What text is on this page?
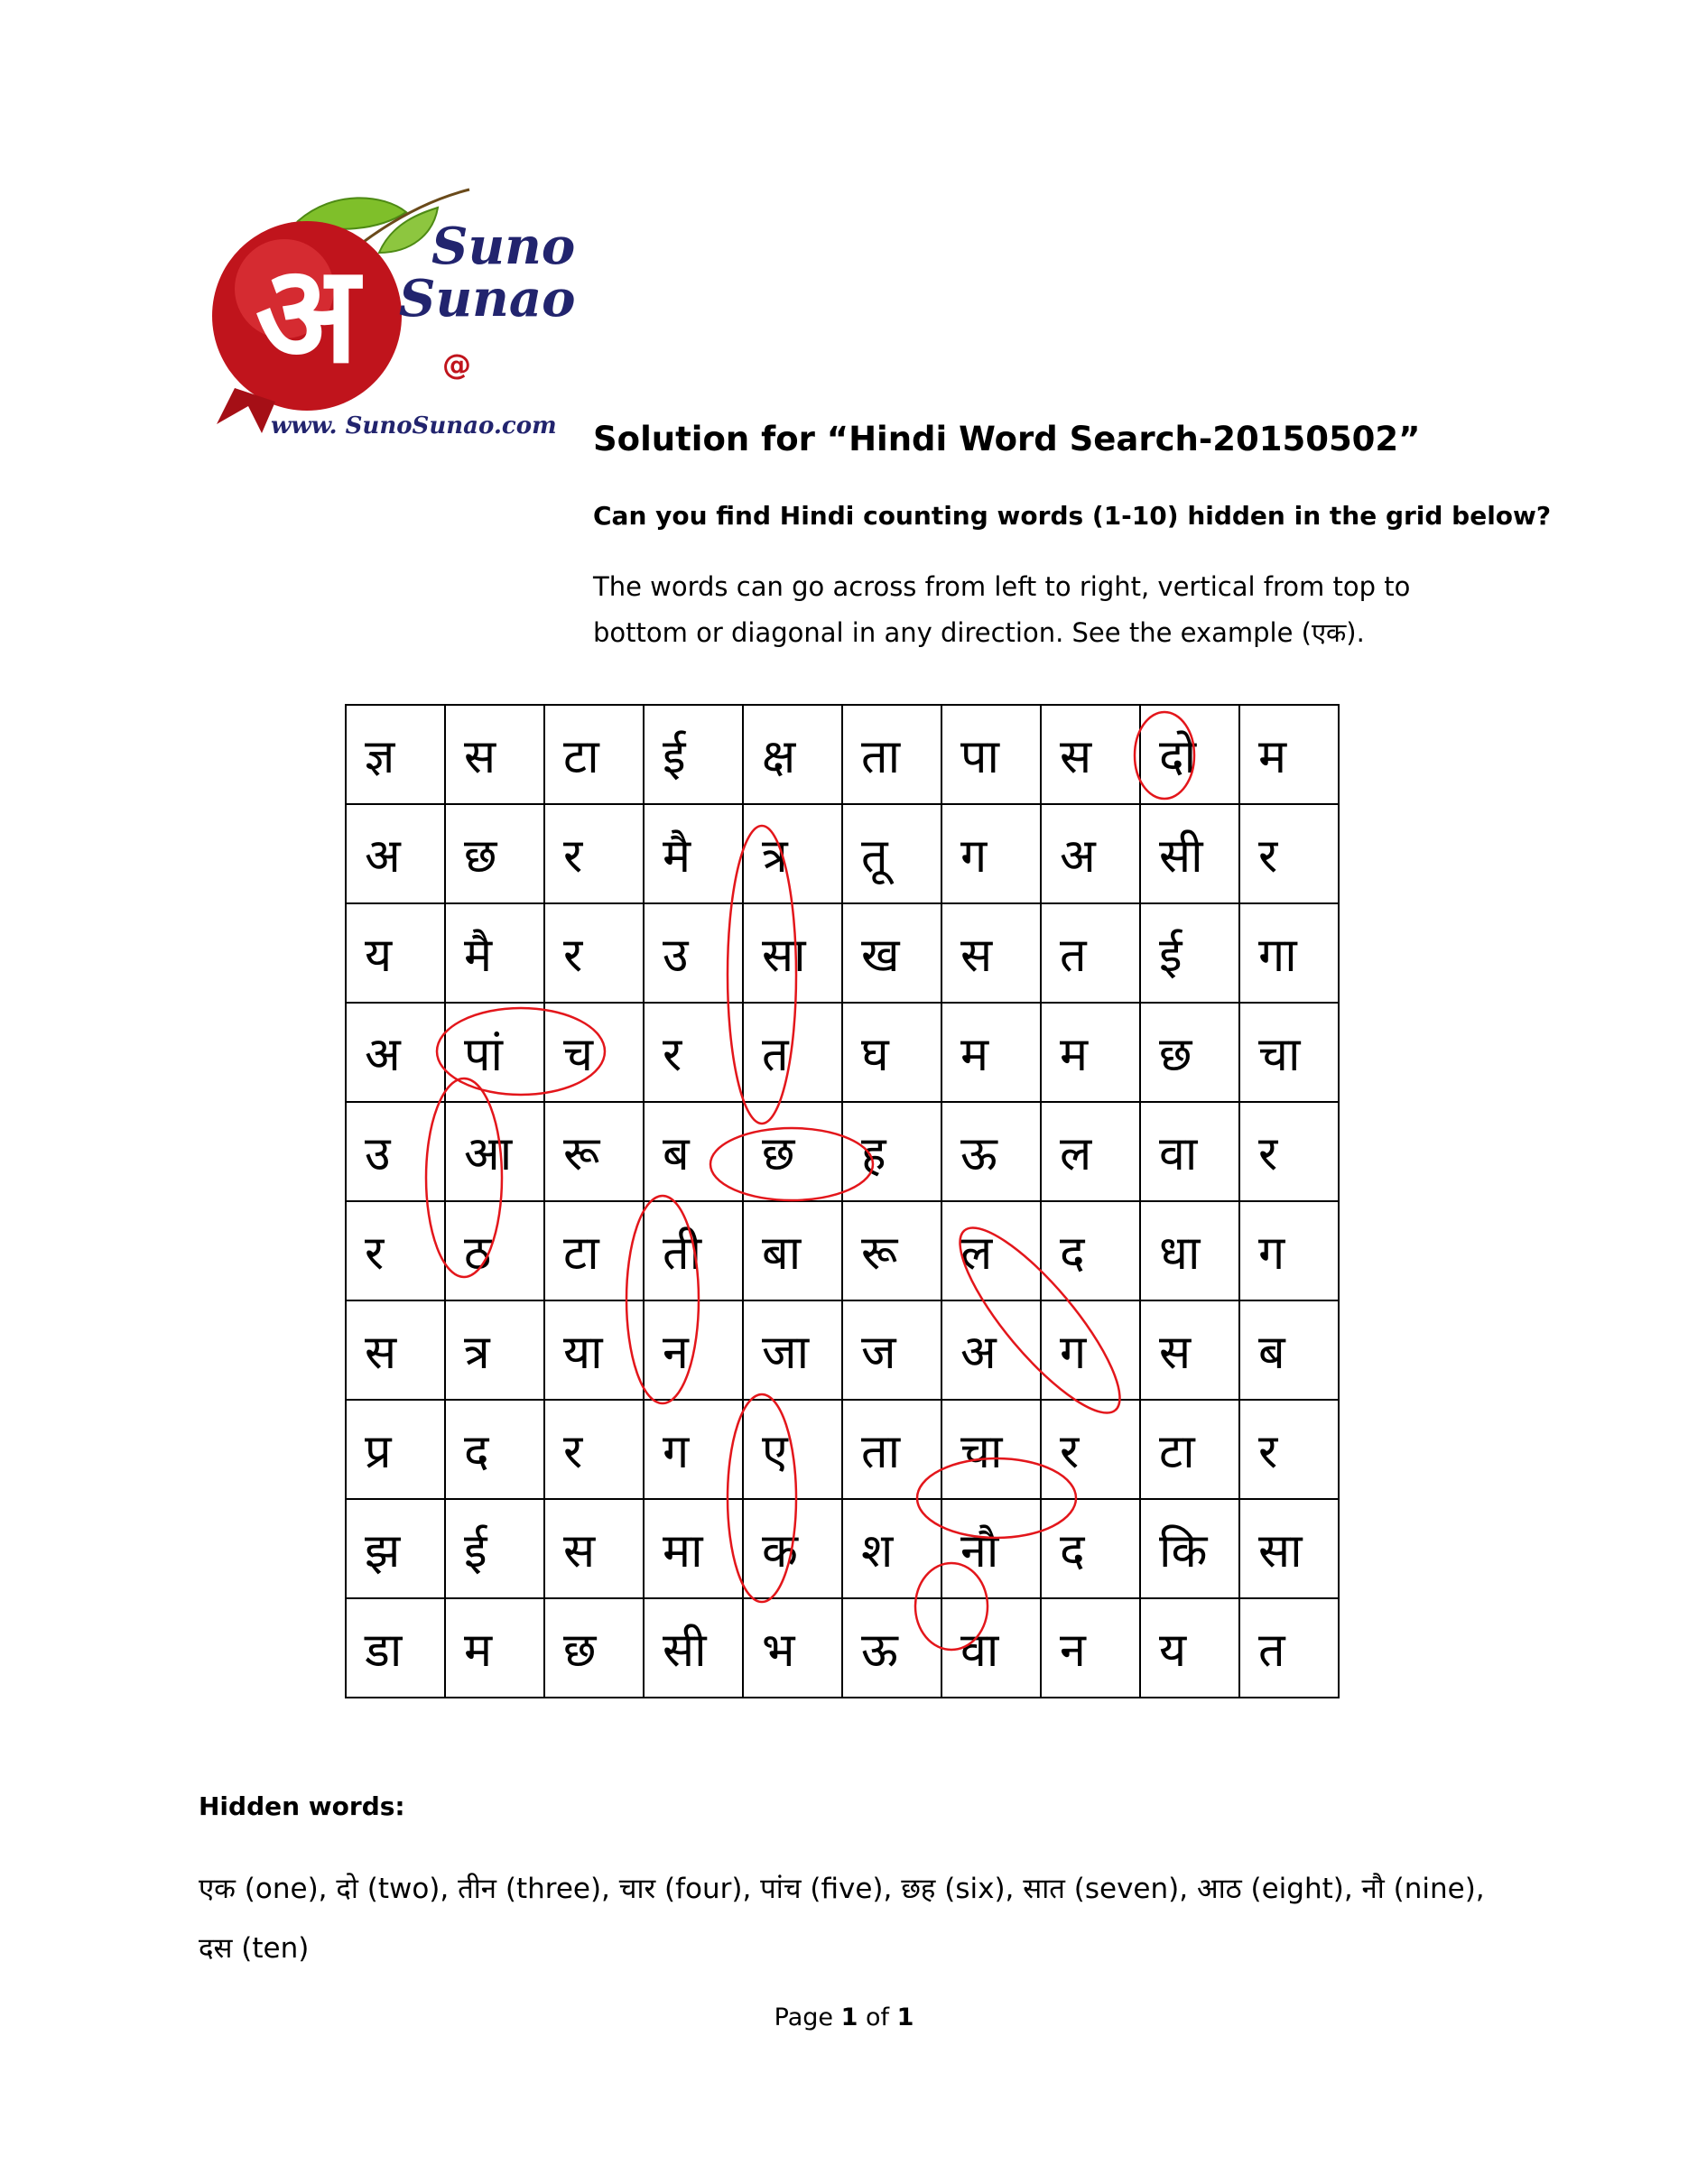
अ Suno
Sunao
@
www. SunoSunao.com Solution for “Hindi Word Search-20150502”
Can you find Hindi counting words (1-10) hidden in the grid below?
The words can go across from left to right, vertical from top to bottom or diagonal in any direction. See the example (एक).
ज्ञ	स	टा	ई	क्ष	ता	पा	स	दो	म
अ	छ	र	मै	त्र	तू	ग	अ	सी	र
य	मै	र	उ	सा	ख	स	त	ई	गा
अ	पां	च	र	त	घ	म	म	छ	चा
उ	आ	रू	ब	छ	ह	ऊ	ल	वा	र
र	ठ	टा	ती	बा	रू	ल	द	धा	ग
स	त्र	या	न	जा	ज	अ	ग	स	ब
प्र	द	र	ग	ए	ता	चा	र	टा	र
झ	ई	स	मा	क	श	नौ	द	कि	सा
डा	म	छ	सी	भ	ऊ	वा	न	य	त
Hidden words:
एक (one), दो (two), तीन (three), चार (four), पांच (five), छह (six), सात (seven), आठ (eight), नौ (nine), दस (ten)
Page 1 of 1
